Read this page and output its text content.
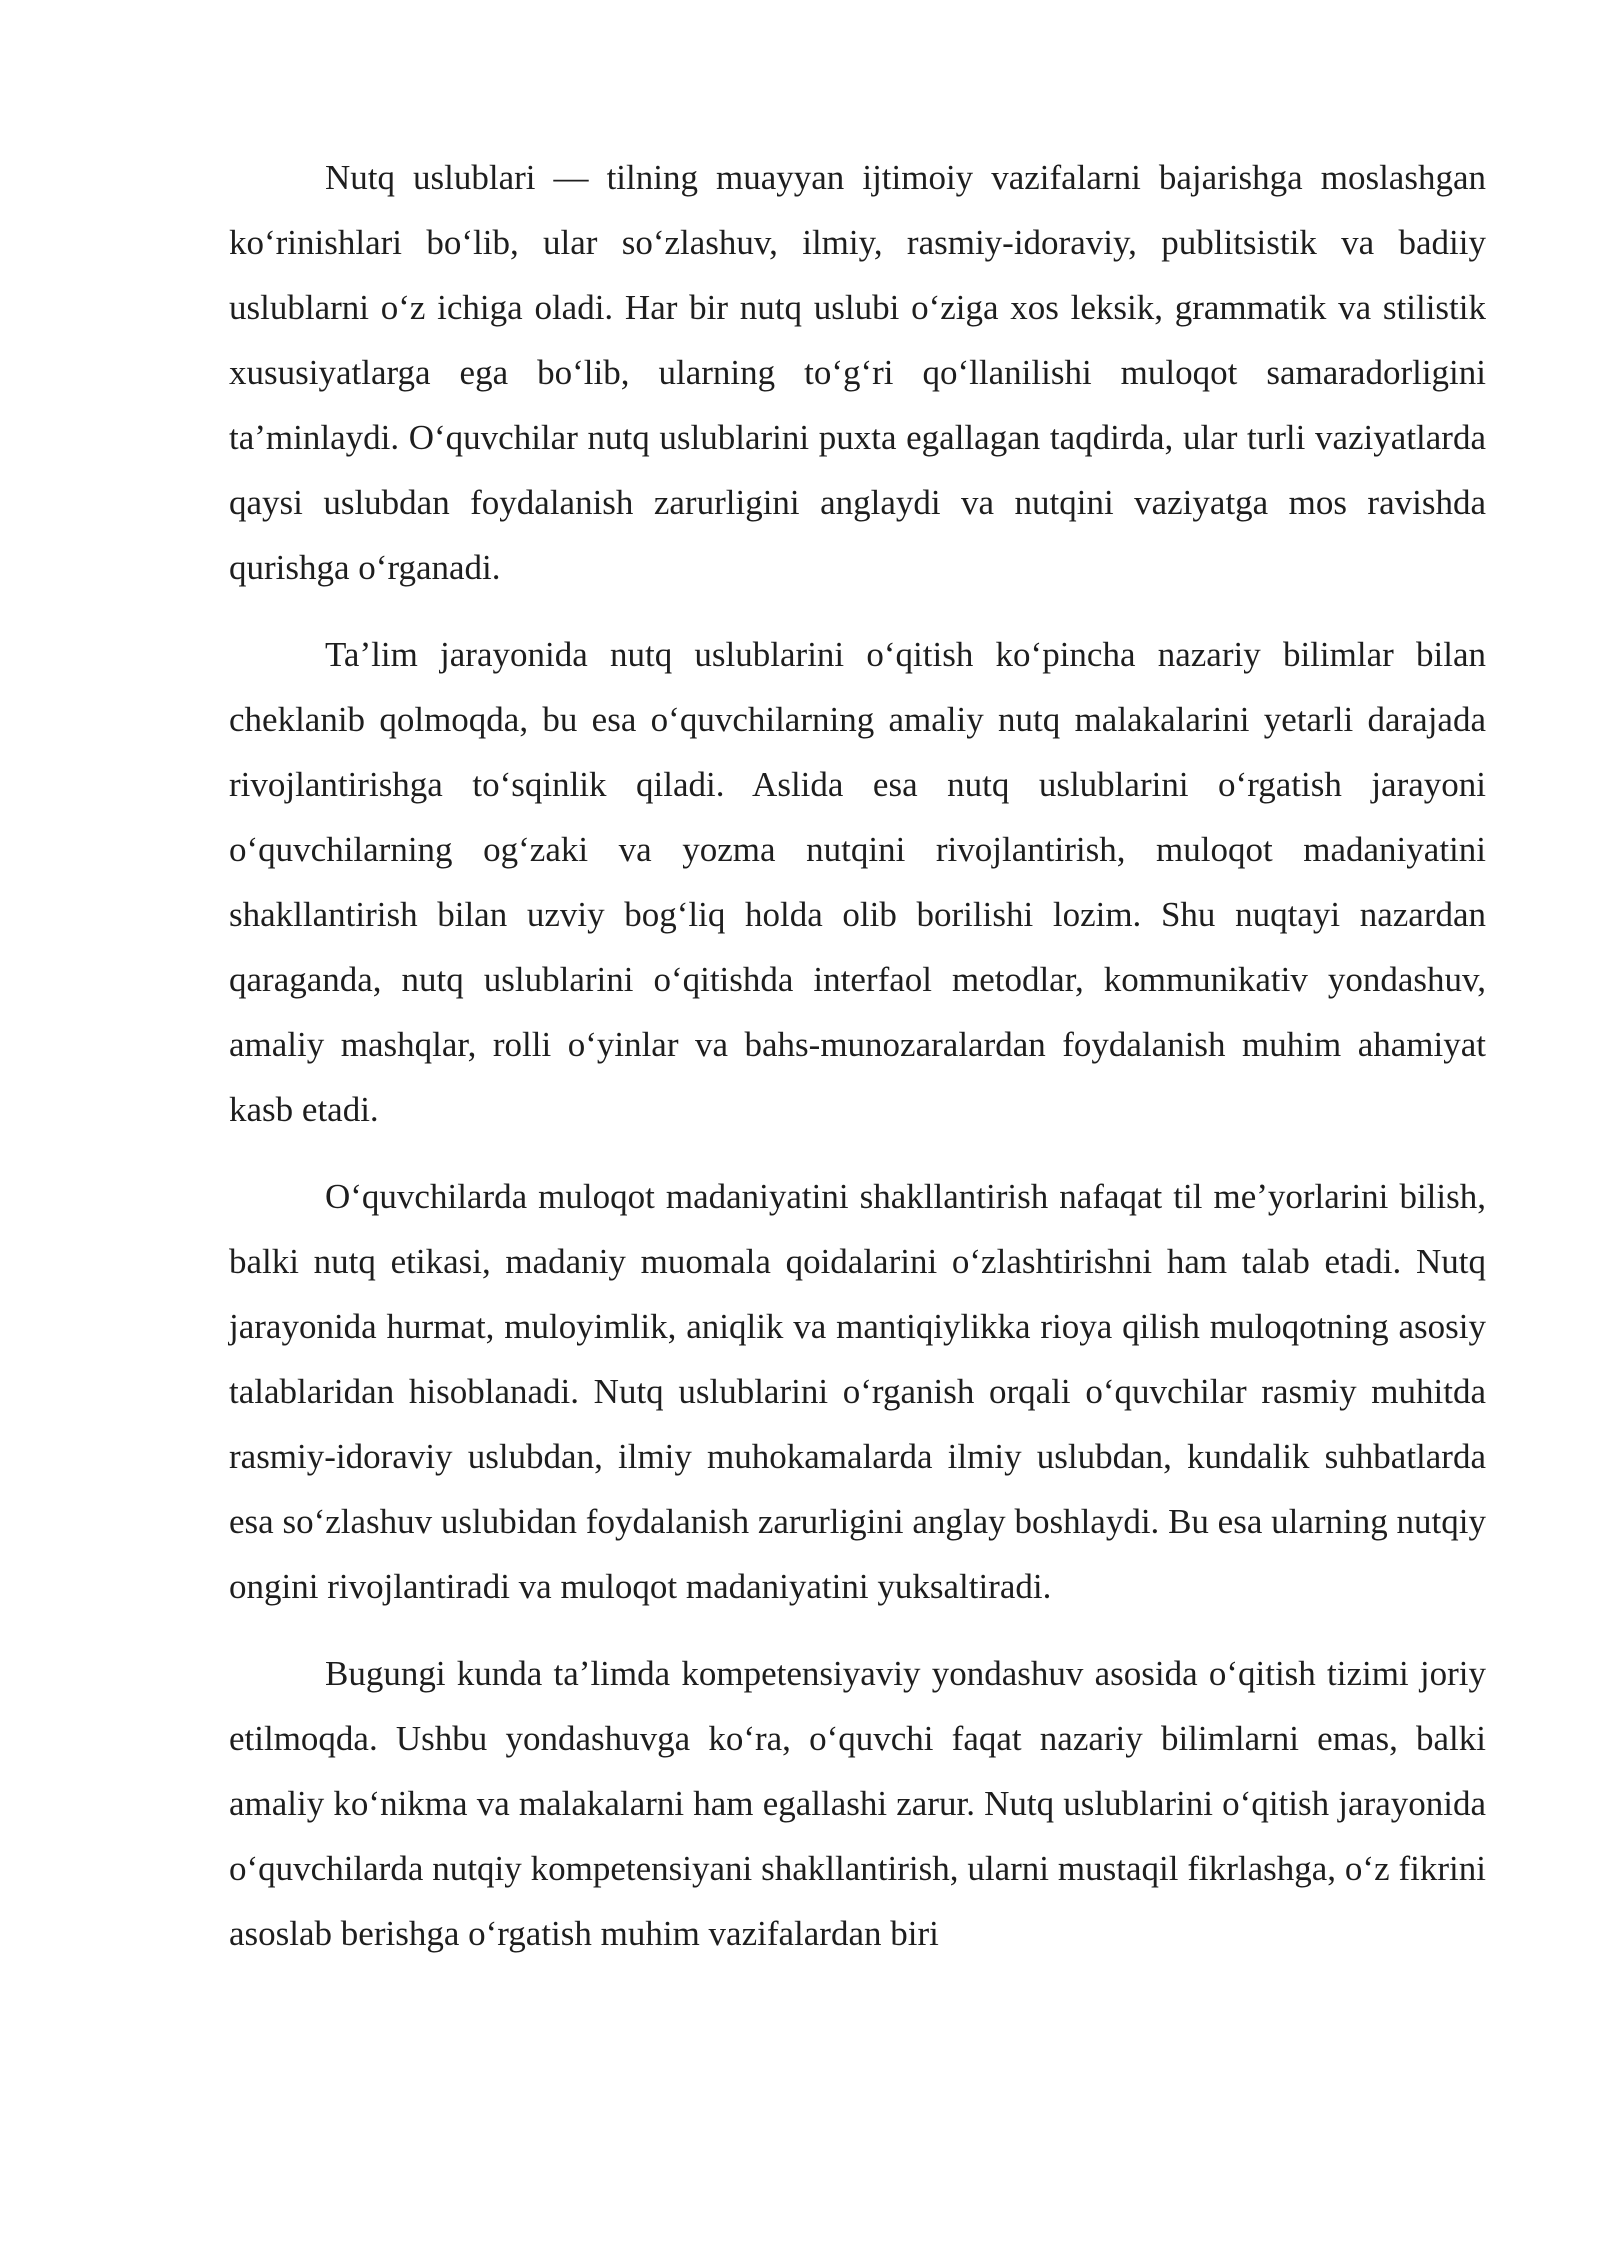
Nutq uslublari — tilning muayyan ijtimoiy vazifalarni bajarishga moslashgan koʻrinishlari boʻlib, ular soʻzlashuv, ilmiy, rasmiy-idoraviy, publitsistik va badiiy uslublarni oʻz ichiga oladi. Har bir nutq uslubi oʻziga xos leksik, grammatik va stilistik xususiyatlarga ega boʻlib, ularning toʻgʻri qoʻllanilishi muloqot samaradorligini taʼminlaydi. Oʻquvchilar nutq uslublarini puxta egallagan taqdirda, ular turli vaziyatlarda qaysi uslubdan foydalanish zarurligini anglaydi va nutqini vaziyatga mos ravishda qurishga oʻrganadi.

Taʼlim jarayonida nutq uslublarini oʻqitish koʻpincha nazariy bilimlar bilan cheklanib qolmoqda, bu esa oʻquvchilarning amaliy nutq malakalarini yetarli darajada rivojlantirishga toʻsqinlik qiladi. Aslida esa nutq uslublarini oʻrgatish jarayoni oʻquvchilarning ogʻzaki va yozma nutqini rivojlantirish, muloqot madaniyatini shakllantirish bilan uzviy bogʻliq holda olib borilishi lozim. Shu nuqtayi nazardan qaraganda, nutq uslublarini oʻqitishda interfaol metodlar, kommunikativ yondashuv, amaliy mashqlar, rolli oʻyinlar va bahs-munozaralardan foydalanish muhim ahamiyat kasb etadi.

Oʻquvchilarda muloqot madaniyatini shakllantirish nafaqat til meʼyorlarini bilish, balki nutq etikasi, madaniy muomala qoidalarini oʻzlashtirishni ham talab etadi. Nutq jarayonida hurmat, muloyimlik, aniqlik va mantiqiylikka rioya qilish muloqotning asosiy talablaridan hisoblanadi. Nutq uslublarini oʻrganish orqali oʻquvchilar rasmiy muhitda rasmiy-idoraviy uslubdan, ilmiy muhokamalarda ilmiy uslubdan, kundalik suhbatlarda esa soʻzlashuv uslubidan foydalanish zarurligini anglay boshlaydi. Bu esa ularning nutqiy ongini rivojlantiradi va muloqot madaniyatini yuksaltiradi.

Bugungi kunda taʼlimda kompetensiyaviy yondashuv asosida oʻqitish tizimi joriy etilmoqda. Ushbu yondashuvga koʻra, oʻquvchi faqat nazariy bilimlarni emas, balki amaliy koʻnikma va malakalarni ham egallashi zarur. Nutq uslublarini oʻqitish jarayonida oʻquvchilarda nutqiy kompetensiyani shakllantirish, ularni mustaqil fikrlashga, oʻz fikrini asoslab berishga oʻrgatish muhim vazifalardan biri
